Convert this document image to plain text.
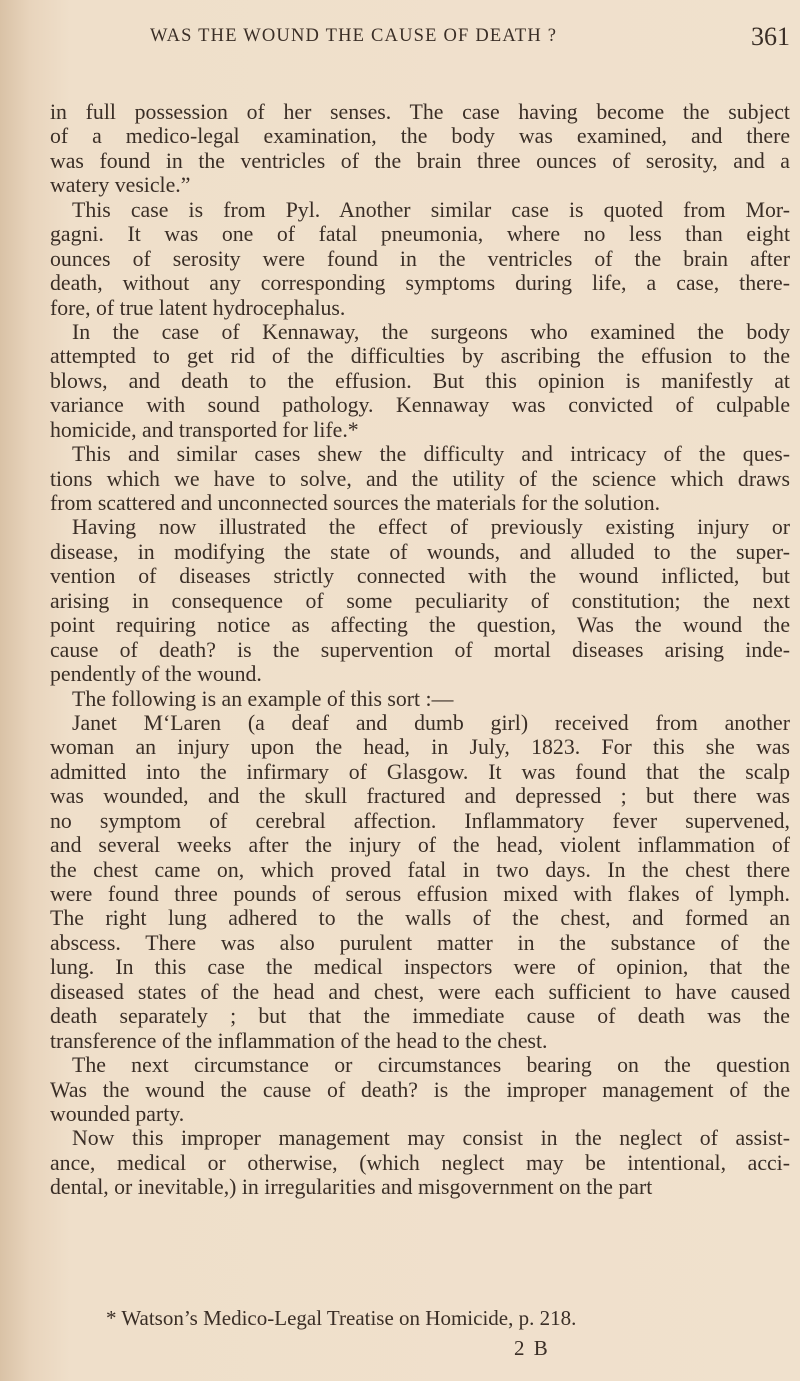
WAS THE WOUND THE CAUSE OF DEATH ?	361
in full possession of her senses. The case having become the subject
of a medico-legal examination, the body was examined, and there
was found in the ventricles of the brain three ounces of serosity, and a
watery vesicle.”
This case is from Pyl. Another similar case is quoted from Mor-
gagni. It was one of fatal pneumonia, where no less than eight
ounces of serosity were found in the ventricles of the brain after
death, without any corresponding symptoms during life, a case, there-
fore, of true latent hydrocephalus.
In the case of Kennaway, the surgeons who examined the body
attempted to get rid of the difficulties by ascribing the effusion to the
blows, and death to the effusion. But this opinion is manifestly at
variance with sound pathology. Kennaway was convicted of culpable
homicide, and transported for life.*
This and similar cases shew the difficulty and intricacy of the ques-
tions which we have to solve, and the utility of the science which draws
from scattered and unconnected sources the materials for the solution.
Having now illustrated the effect of previously existing injury or
disease, in modifying the state of wounds, and alluded to the super-
vention of diseases strictly connected with the wound inflicted, but
arising in consequence of some peculiarity of constitution; the next
point requiring notice as affecting the question, Was the wound the
cause of death? is the supervention of mortal diseases arising inde-
pendently of the wound.
The following is an example of this sort :—
Janet M‘Laren (a deaf and dumb girl) received from another
woman an injury upon the head, in July, 1823. For this she was
admitted into the infirmary of Glasgow. It was found that the scalp
was wounded, and the skull fractured and depressed ; but there was
no symptom of cerebral affection. Inflammatory fever supervened,
and several weeks after the injury of the head, violent inflammation of
the chest came on, which proved fatal in two days. In the chest there
were found three pounds of serous effusion mixed with flakes of lymph.
The right lung adhered to the walls of the chest, and formed an
abscess. There was also purulent matter in the substance of the
lung. In this case the medical inspectors were of opinion, that the
diseased states of the head and chest, were each sufficient to have caused
death separately ; but that the immediate cause of death was the
transference of the inflammation of the head to the chest.
The next circumstance or circumstances bearing on the question
Was the wound the cause of death? is the improper management of the
wounded party.
Now this improper management may consist in the neglect of assist-
ance, medical or otherwise, (which neglect may be intentional, acci-
dental, or inevitable,) in irregularities and misgovernment on the part
* Watson’s Medico-Legal Treatise on Homicide, p. 218.
2 B
